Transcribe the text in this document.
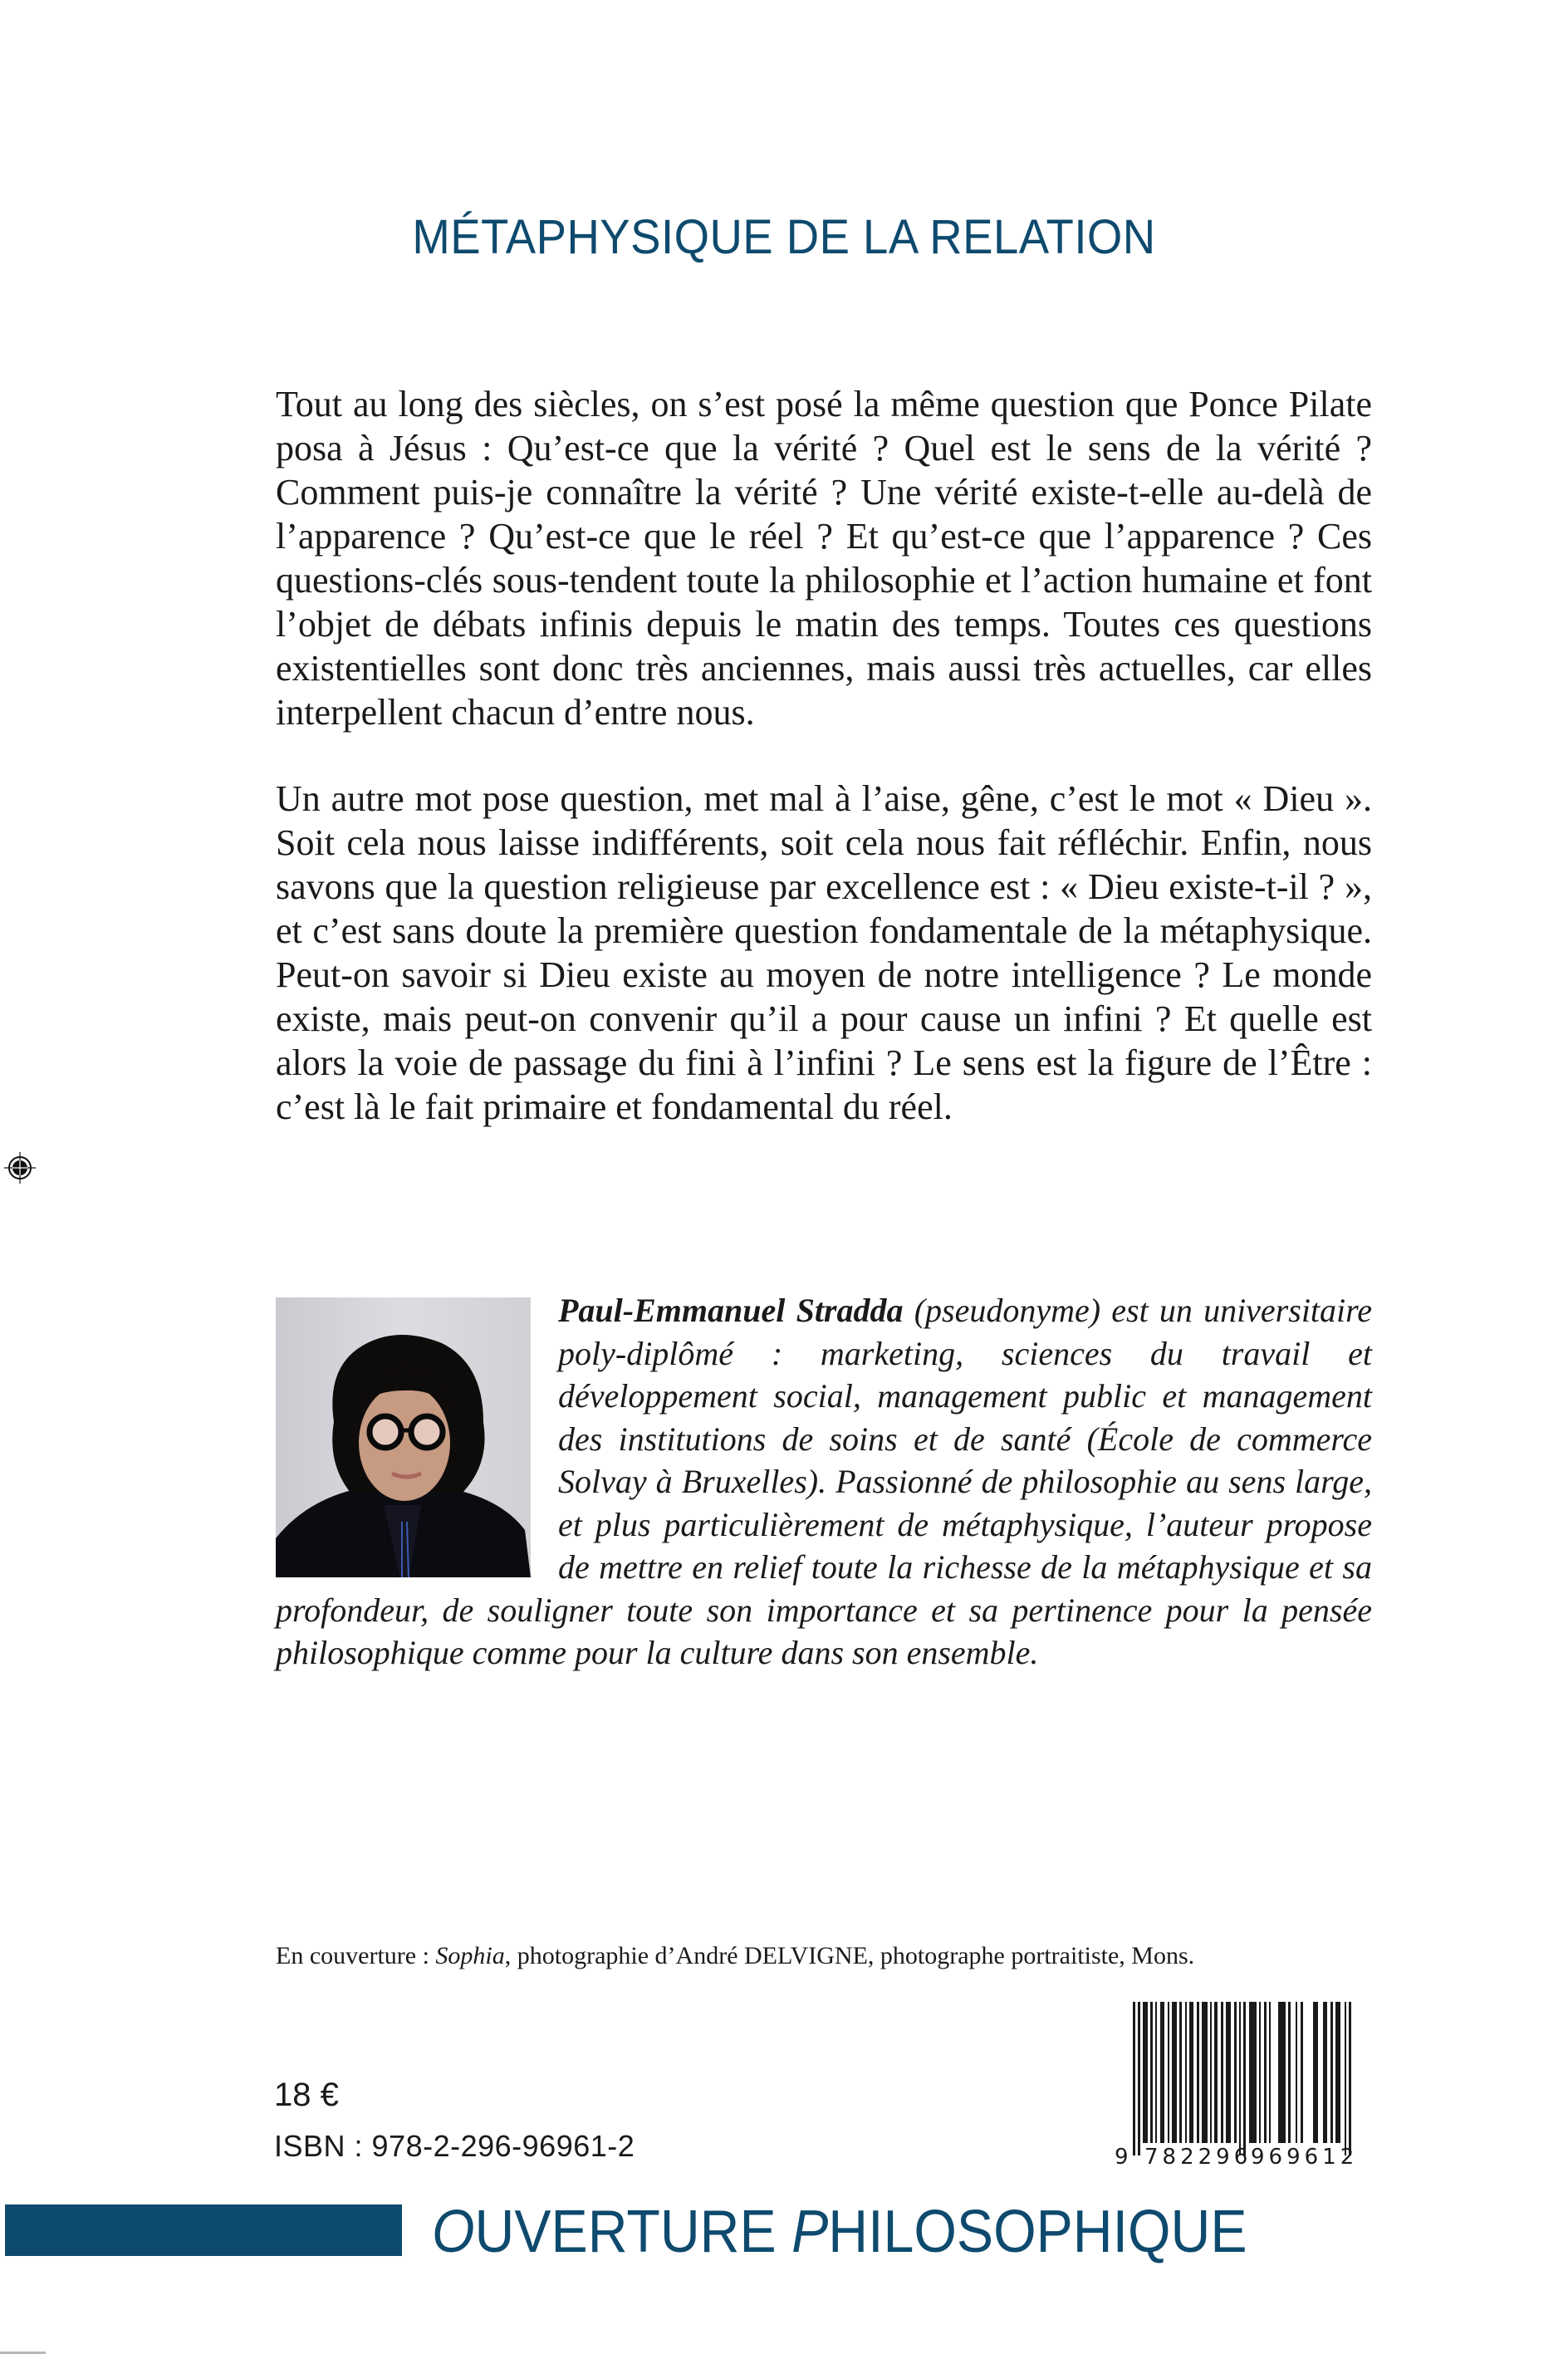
MÉTAPHYSIQUE DE LA RELATION

Tout au long des siècles, on s’est posé la même question que Ponce Pilate posa à Jésus : Qu’est-ce que la vérité ? Quel est le sens de la vérité ? Comment puis-je connaître la vérité ? Une vérité existe-t-elle au-delà de l’apparence ? Qu’est-ce que le réel ? Et qu’est-ce que l’apparence ? Ces questions-clés sous-tendent toute la philosophie et l’action humaine et font l’objet de débats infinis depuis le matin des temps. Toutes ces questions existentielles sont donc très anciennes, mais aussi très actuelles, car elles interpellent chacun d’entre nous.

Un autre mot pose question, met mal à l’aise, gêne, c’est le mot « Dieu ». Soit cela nous laisse indifférents, soit cela nous fait réfléchir. Enfin, nous savons que la question religieuse par excellence est : « Dieu existe-t-il ? », et c’est sans doute la première question fondamentale de la métaphysique. Peut-on savoir si Dieu existe au moyen de notre intelligence ? Le monde existe, mais peut-on convenir qu’il a pour cause un infini ? Et quelle est alors la voie de passage du fini à l’infini ? Le sens est la figure de l’Être : c’est là le fait primaire et fondamental du réel.

Paul-Emmanuel Stradda (pseudonyme) est un universitaire poly-diplômé : marketing, sciences du travail et développement social, management public et management des institutions de soins et de santé (École de commerce Solvay à Bruxelles). Passionné de philosophie au sens large, et plus particulièrement de métaphysique, l’auteur propose de mettre en relief toute la richesse de la métaphysique et sa profondeur, de souligner toute son importance et sa pertinence pour la pensée philosophique comme pour la culture dans son ensemble.
En couverture : Sophia, photographie d’André DELVIGNE, photographe portraitiste, Mons.
18 €
ISBN : 978-2-296-96961-2	9 782296
969612
OUVERTURE PHILOSOPHIQUE
